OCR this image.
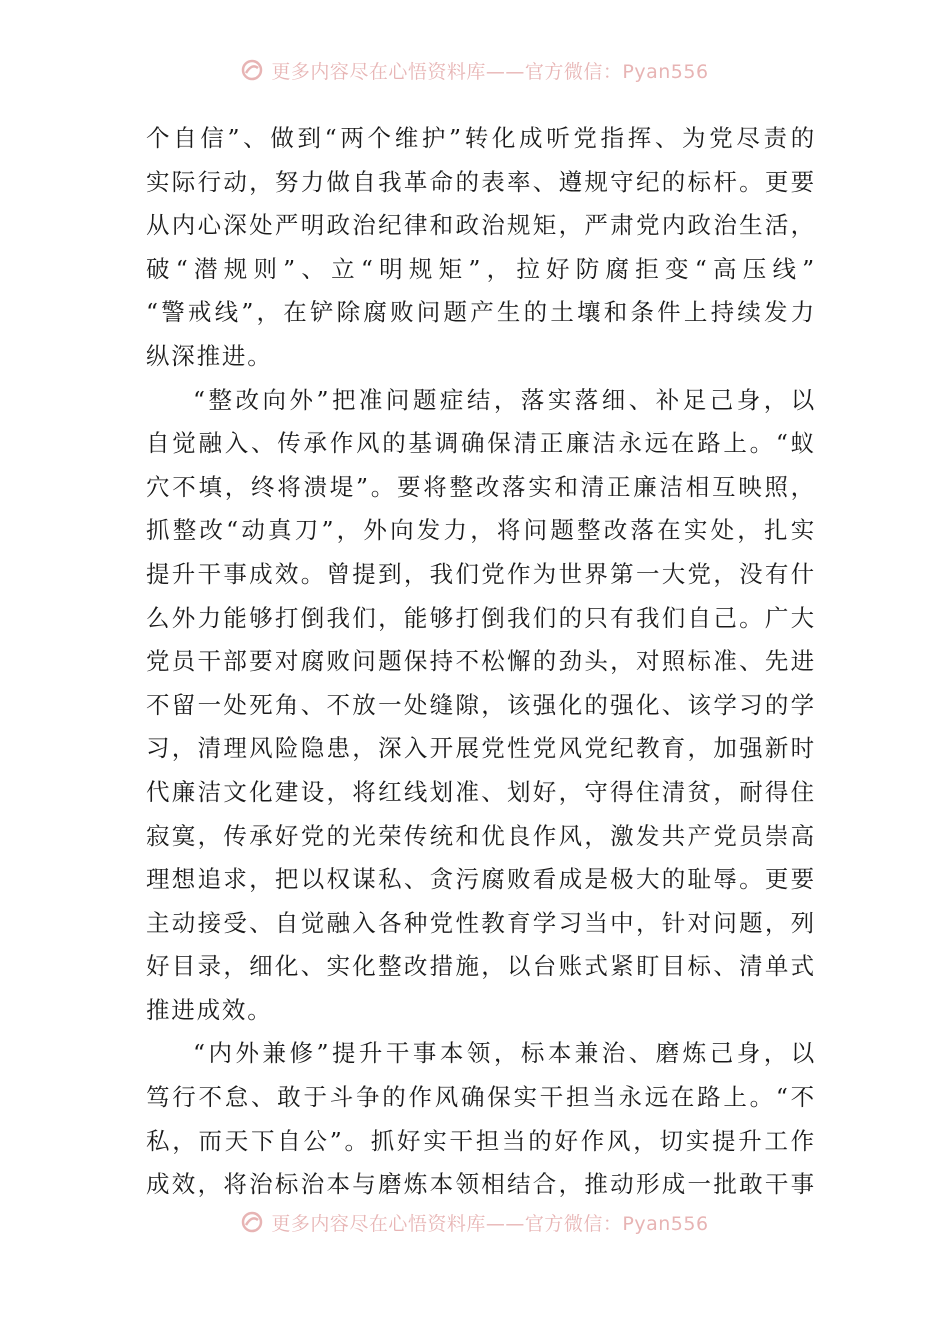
更多内容尽在心悟资料库——官方微信：Pyan556
个自信”、做到“两个维护”转化成听党指挥、为党尽责的
实际行动，努力做自我革命的表率、遵规守纪的标杆。更要
从内心深处严明政治纪律和政治规矩，严肃党内政治生活，
破“潜规则”、立“明规矩”，拉好防腐拒变“高压线”
“警戒线”，在铲除腐败问题产生的土壤和条件上持续发力
纵深推进。
“整改向外”把准问题症结，落实落细、补足己身，以
自觉融入、传承作风的基调确保清正廉洁永远在路上。“蚁
穴不填，终将溃堤”。要将整改落实和清正廉洁相互映照，
抓整改“动真刀”，外向发力，将问题整改落在实处，扎实
提升干事成效。曾提到，我们党作为世界第一大党，没有什
么外力能够打倒我们，能够打倒我们的只有我们自己。广大
党员干部要对腐败问题保持不松懈的劲头，对照标准、先进
不留一处死角、不放一处缝隙，该强化的强化、该学习的学
习，清理风险隐患，深入开展党性党风党纪教育，加强新时
代廉洁文化建设，将红线划准、划好，守得住清贫，耐得住
寂寞，传承好党的光荣传统和优良作风，激发共产党员崇高
理想追求，把以权谋私、贪污腐败看成是极大的耻辱。更要
主动接受、自觉融入各种党性教育学习当中，针对问题，列
好目录，细化、实化整改措施，以台账式紧盯目标、清单式
推进成效。
“内外兼修”提升干事本领，标本兼治、磨炼己身，以
笃行不怠、敢于斗争的作风确保实干担当永远在路上。“不
私，而天下自公”。抓好实干担当的好作风，切实提升工作
成效，将治标治本与磨炼本领相结合，推动形成一批敢干事
更多内容尽在心悟资料库——官方微信：Pyan556
